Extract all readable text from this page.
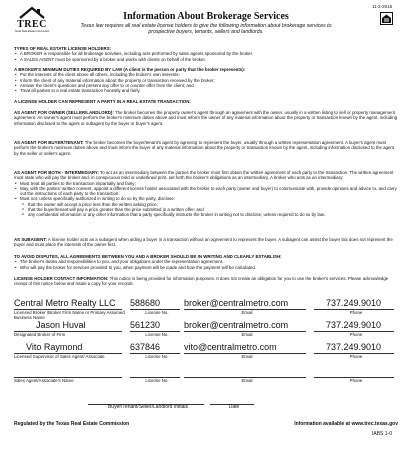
TREC
Texas Real Estate Commission
11-2-2015
Information About Brokerage Services
Texas law requires all real estate license holders to give the following information about brokerage services to prospective buyers, tenants, sellers and landlords.

TYPES OF REAL ESTATE LICENSE HOLDERS:

• A BROKER is responsible for all brokerage activities, including acts performed by sales agents sponsored by the broker.
• A SALES AGENT must be sponsored by a broker and works with clients on behalf of the broker.

A BROKER'S MINIMUM DUTIES REQUIRED BY LAW (A client is the person or party that the broker represents):

• Put the interests of the client above all others, including the broker's own interests;
• Inform the client of any material information about the property or transaction received by the broker;
• Answer the client's questions and present any offer to or counter-offer from the client; and
• Treat all parties to a real estate transaction honestly and fairly.

A LICENSE HOLDER CAN REPRESENT A PARTY IN A REAL ESTATE TRANSACTION:

AS AGENT FOR OWNER (SELLER/LANDLORD): The broker becomes the property owner's agent through an agreement with the owner, usually in a written listing to sell or property management agreement. An owner's agent must perform the broker's minimum duties above and must inform the owner of any material information about the property or transaction known by the agent, including information disclosed to the agent or subagent by the buyer or buyer's agent.

AS AGENT FOR BUYER/TENANT: The broker becomes the buyer/tenant's agent by agreeing to represent the buyer, usually through a written representation agreement. A buyer's agent must perform the broker's minimum duties above and must inform the buyer of any material information about the property or transaction known by the agent, including information disclosed to the agent by the seller or seller's agent.

AS AGENT FOR BOTH - INTERMEDIARY: To act as an intermediary between the parties the broker must first obtain the written agreement of each party to the transaction. The written agreement must state who will pay the broker and, in conspicuous bold or underlined print, set forth the broker's obligations as an intermediary. A broker who acts as an intermediary:

• Must treat all parties to the transaction impartially and fairly;
• May, with the parties' written consent, appoint a different license holder associated with the broker to each party (owner and buyer) to communicate with, provide opinions and advice to, and carry out the instructions of each party to the transaction.
• Must not, unless specifically authorized in writing to do so by the party, disclose:
o that the owner will accept a price less than the written asking price;
o that the buyer/tenant will pay a price greater than the price submitted in a written offer; and
o any confidential information or any other information that a party specifically instructs the broker in writing not to disclose, unless required to do so by law.

AS SUBAGENT: A license holder acts as a subagent when aiding a buyer in a transaction without an agreement to represent the buyer. A subagent can assist the buyer but does not represent the buyer and must place the interests of the owner first.

TO AVOID DISPUTES, ALL AGREEMENTS BETWEEN YOU AND A BROKER SHOULD BE IN WRITING AND CLEARLY ESTABLISH:

• The broker's duties and responsibilities to you, and your obligations under the representation agreement.
• Who will pay the broker for services provided to you, when payment will be made and how the payment will be calculated.

LICENSE HOLDER CONTACT INFORMATION: This notice is being provided for information purposes. It does not create an obligation for you to use the broker's services. Please acknowledge receipt of this notice below and retain a copy for your records.

Central Metro Realty LLC
Licensed Broker /Broker Firm Name or Primary Assumed Business Name
588680
License No.
broker@centralmetro.com
Email
737.249.9010
Phone
Jason Huval
Designated Broker of Firm
561230
License No.
broker@centralmetro.com
Email
737.249.9010
Phone
Vito Raymond
Licensed Supervisor of Sales Agent/ Associate
637846
License No.
vito@centralmetro.com
Email
737.249.9010
Phone
Sales Agent/Associate's Name	License No.	Email	Phone
Buyer/Tenant/Seller/Landlord Initials	Date
Regulated by the Texas Real Estate Commission	Information available at www.trec.texas.gov
IABS 1-0
